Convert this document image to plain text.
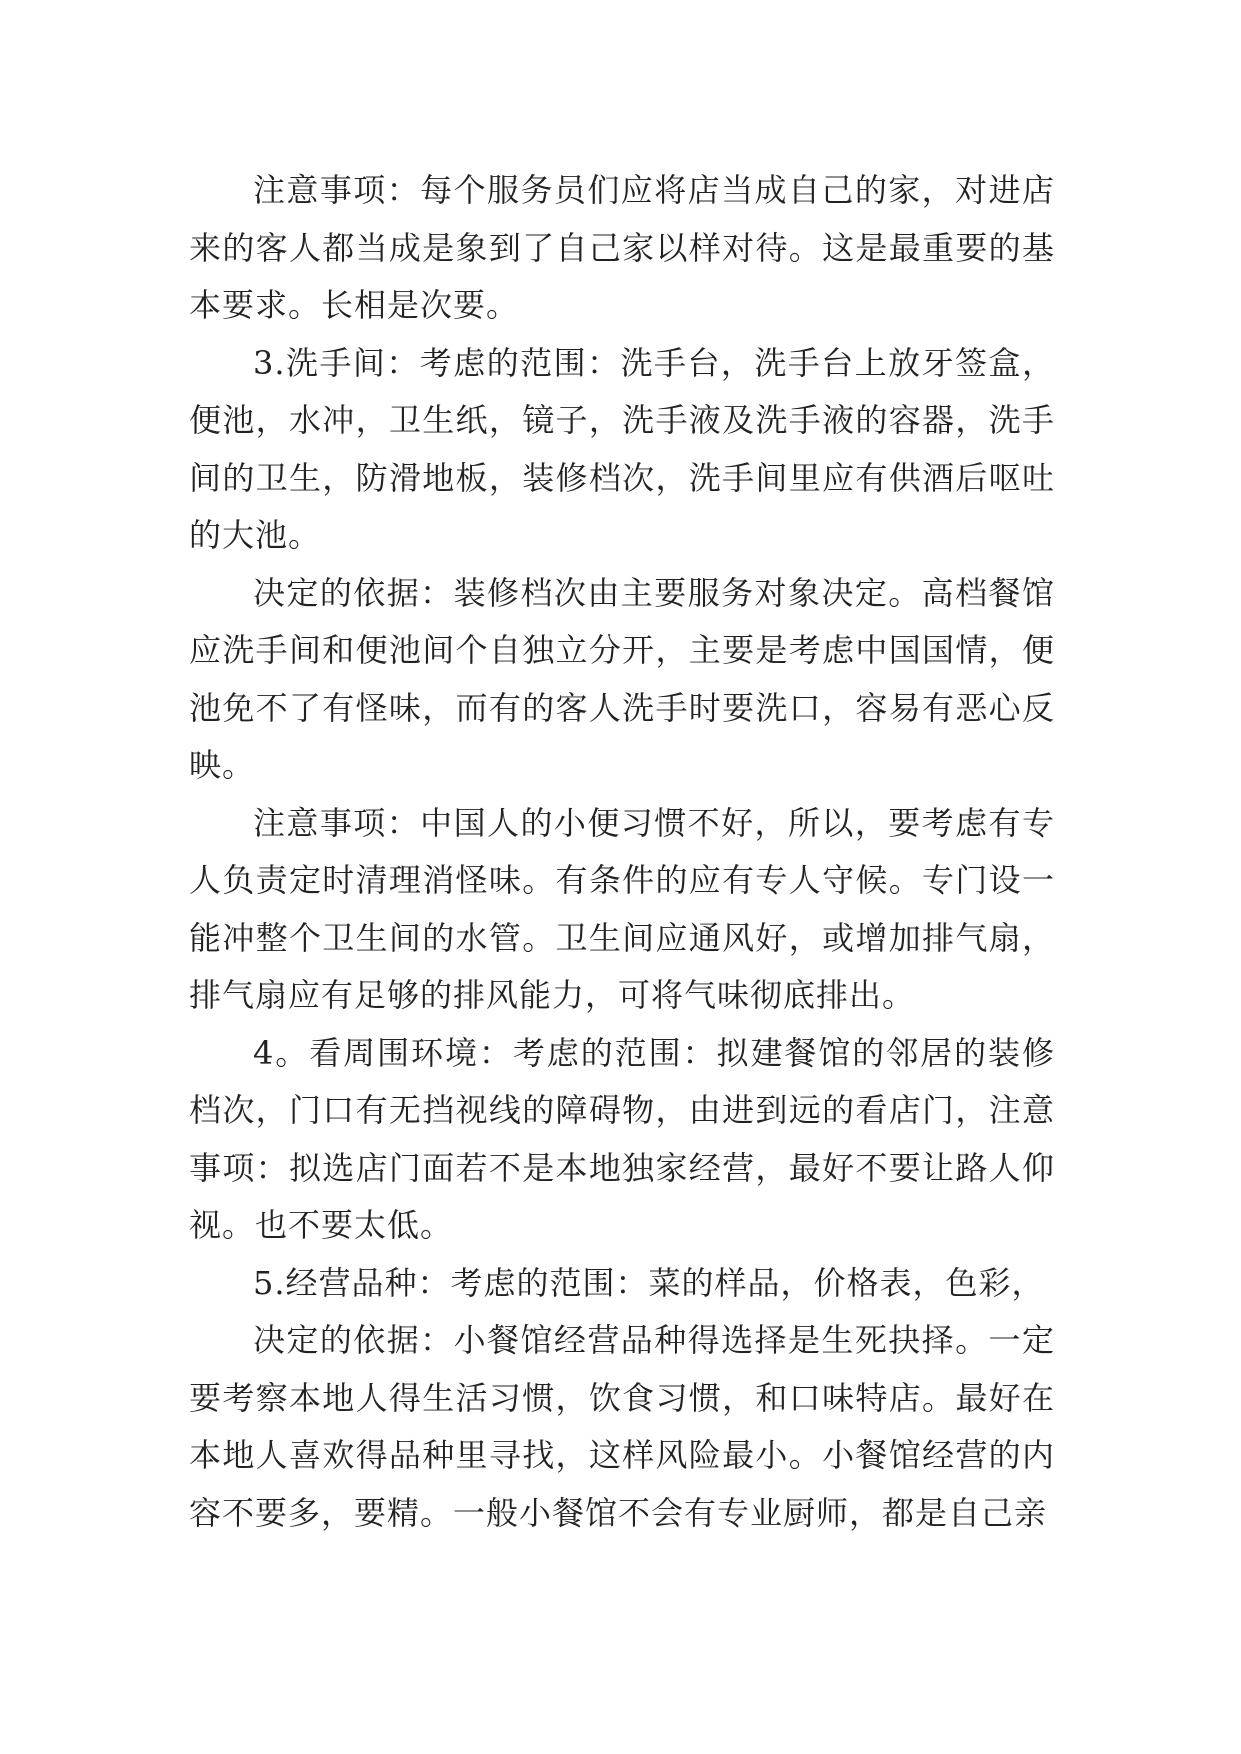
注意事项：每个服务员们应将店当成自己的家，对进店来的客人都当成是象到了自己家以样对待。这是最重要的基本要求。长相是次要。

3.洗手间：考虑的范围：洗手台，洗手台上放牙签盒，便池，水冲，卫生纸，镜子，洗手液及洗手液的容器，洗手间的卫生，防滑地板，装修档次，洗手间里应有供酒后呕吐的大池。

决定的依据：装修档次由主要服务对象决定。高档餐馆应洗手间和便池间个自独立分开，主要是考虑中国国情，便池免不了有怪味，而有的客人洗手时要洗口，容易有恶心反映。

注意事项：中国人的小便习惯不好，所以，要考虑有专人负责定时清理消怪味。有条件的应有专人守候。专门设一能冲整个卫生间的水管。卫生间应通风好，或增加排气扇，排气扇应有足够的排风能力，可将气味彻底排出。

4。看周围环境：考虑的范围：拟建餐馆的邻居的装修档次，门口有无挡视线的障碍物，由进到远的看店门，注意事项：拟选店门面若不是本地独家经营，最好不要让路人仰视。也不要太低。

5.经营品种：考虑的范围：菜的样品，价格表，色彩，

决定的依据：小餐馆经营品种得选择是生死抉择。一定要考察本地人得生活习惯，饮食习惯，和口味特店。最好在本地人喜欢得品种里寻找，这样风险最小。小餐馆经营的内容不要多，要精。一般小餐馆不会有专业厨师，都是自己亲
